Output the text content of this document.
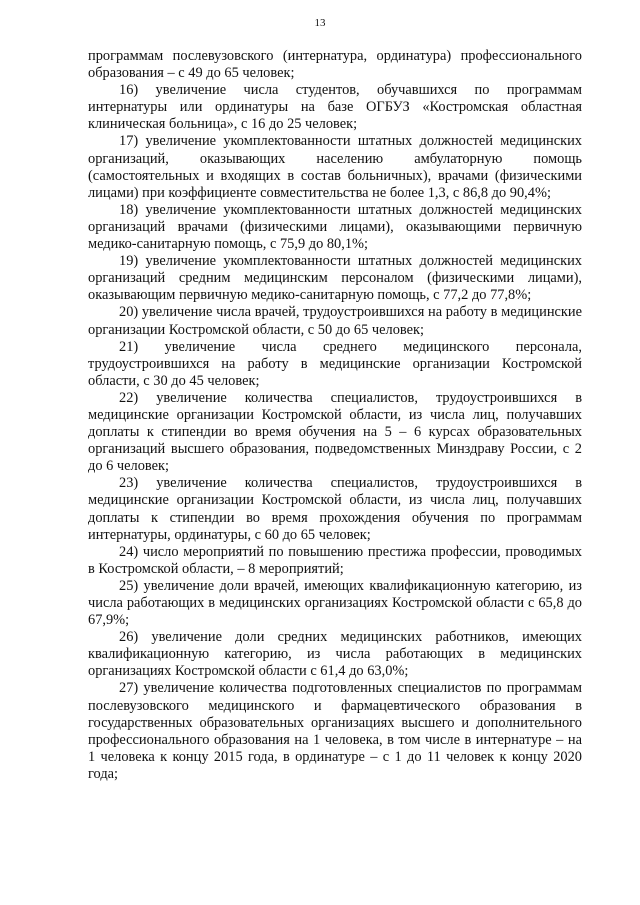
13

программам послевузовского (интернатура, ординатура) профессионального образования – с 49 до 65 человек;

16) увеличение числа студентов, обучавшихся по программам интернатуры или ординатуры на базе ОГБУЗ «Костромская областная клиническая больница», с 16 до 25 человек;

17) увеличение укомплектованности штатных должностей медицинских организаций, оказывающих населению амбулаторную помощь (самостоятельных и входящих в состав больничных), врачами (физическими лицами) при коэффициенте совместительства не более 1,3, с 86,8 до 90,4%;

18) увеличение укомплектованности штатных должностей медицинских организаций врачами (физическими лицами), оказывающими первичную медико-санитарную помощь, с 75,9 до 80,1%;

19) увеличение укомплектованности штатных должностей медицинских организаций средним медицинским персоналом (физическими лицами), оказывающим первичную медико-санитарную помощь, с 77,2 до 77,8%;

20) увеличение числа врачей, трудоустроившихся на работу в медицинские организации Костромской области, с 50 до 65 человек;

21) увеличение числа среднего медицинского персонала, трудоустроившихся на работу в медицинские организации Костромской области, с 30 до 45 человек;

22) увеличение количества специалистов, трудоустроившихся в медицинские организации Костромской области, из числа лиц, получавших доплаты к стипендии во время обучения на 5 – 6 курсах образовательных организаций высшего образования, подведомственных Минздраву России, с 2 до 6 человек;

23) увеличение количества специалистов, трудоустроившихся в медицинские организации Костромской области, из числа лиц, получавших доплаты к стипендии во время прохождения обучения по программам интернатуры, ординатуры, с 60 до 65 человек;

24) число мероприятий по повышению престижа профессии, проводимых в Костромской области, – 8 мероприятий;

25) увеличение доли врачей, имеющих квалификационную категорию, из числа работающих в медицинских организациях Костромской области с 65,8 до 67,9%;

26) увеличение доли средних медицинских работников, имеющих квалификационную категорию, из числа работающих в медицинских организациях Костромской области с 61,4 до 63,0%;

27) увеличение количества подготовленных специалистов по программам послевузовского медицинского и фармацевтического образования в государственных образовательных организациях высшего и дополнительного профессионального образования на 1 человека, в том числе в интернатуре – на 1 человека к концу 2015 года, в ординатуре – с 1 до 11 человек к концу 2020 года;
